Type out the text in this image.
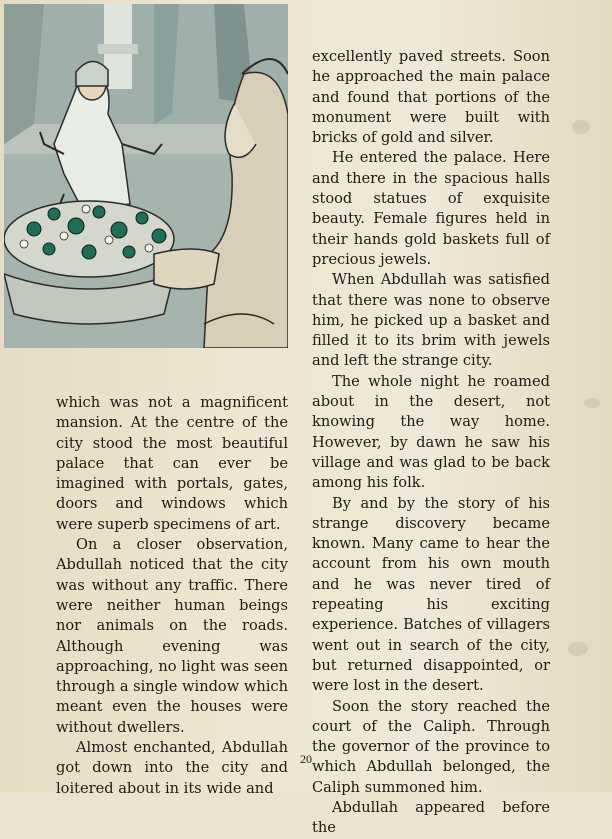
which was not a magnificent mansion. At the centre of the city stood the most beautiful palace that can ever be imagined with portals, gates, doors and windows which were superb specimens of art.

On a closer observation, Abdullah noticed that the city was without any traffic. There were neither human beings nor animals on the roads. Although evening was approaching, no light was seen through a single window which meant even the houses were without dwellers.

Almost enchanted, Abdullah got down into the city and loitered about in its wide and

excellently paved streets. Soon he approached the main palace and found that portions of the monument were built with bricks of gold and silver.

He entered the palace. Here and there in the spacious halls stood statues of exquisite beauty. Female figures held in their hands gold baskets full of precious jewels.

When Abdullah was satisfied that there was none to observe him, he picked up a basket and filled it to its brim with jewels and left the strange city.

The whole night he roamed about in the desert, not knowing the way home. However, by dawn he saw his village and was glad to be back among his folk.

By and by the story of his strange discovery became known. Many came to hear the account from his own mouth and he was never tired of repeating his exciting experience. Batches of villagers went out in search of the city, but returned disappointed, or were lost in the desert.

Soon the story reached the court of the Caliph. Through the governor of the province to which Abdullah belonged, the Caliph summoned him.

Abdullah appeared before the

20
